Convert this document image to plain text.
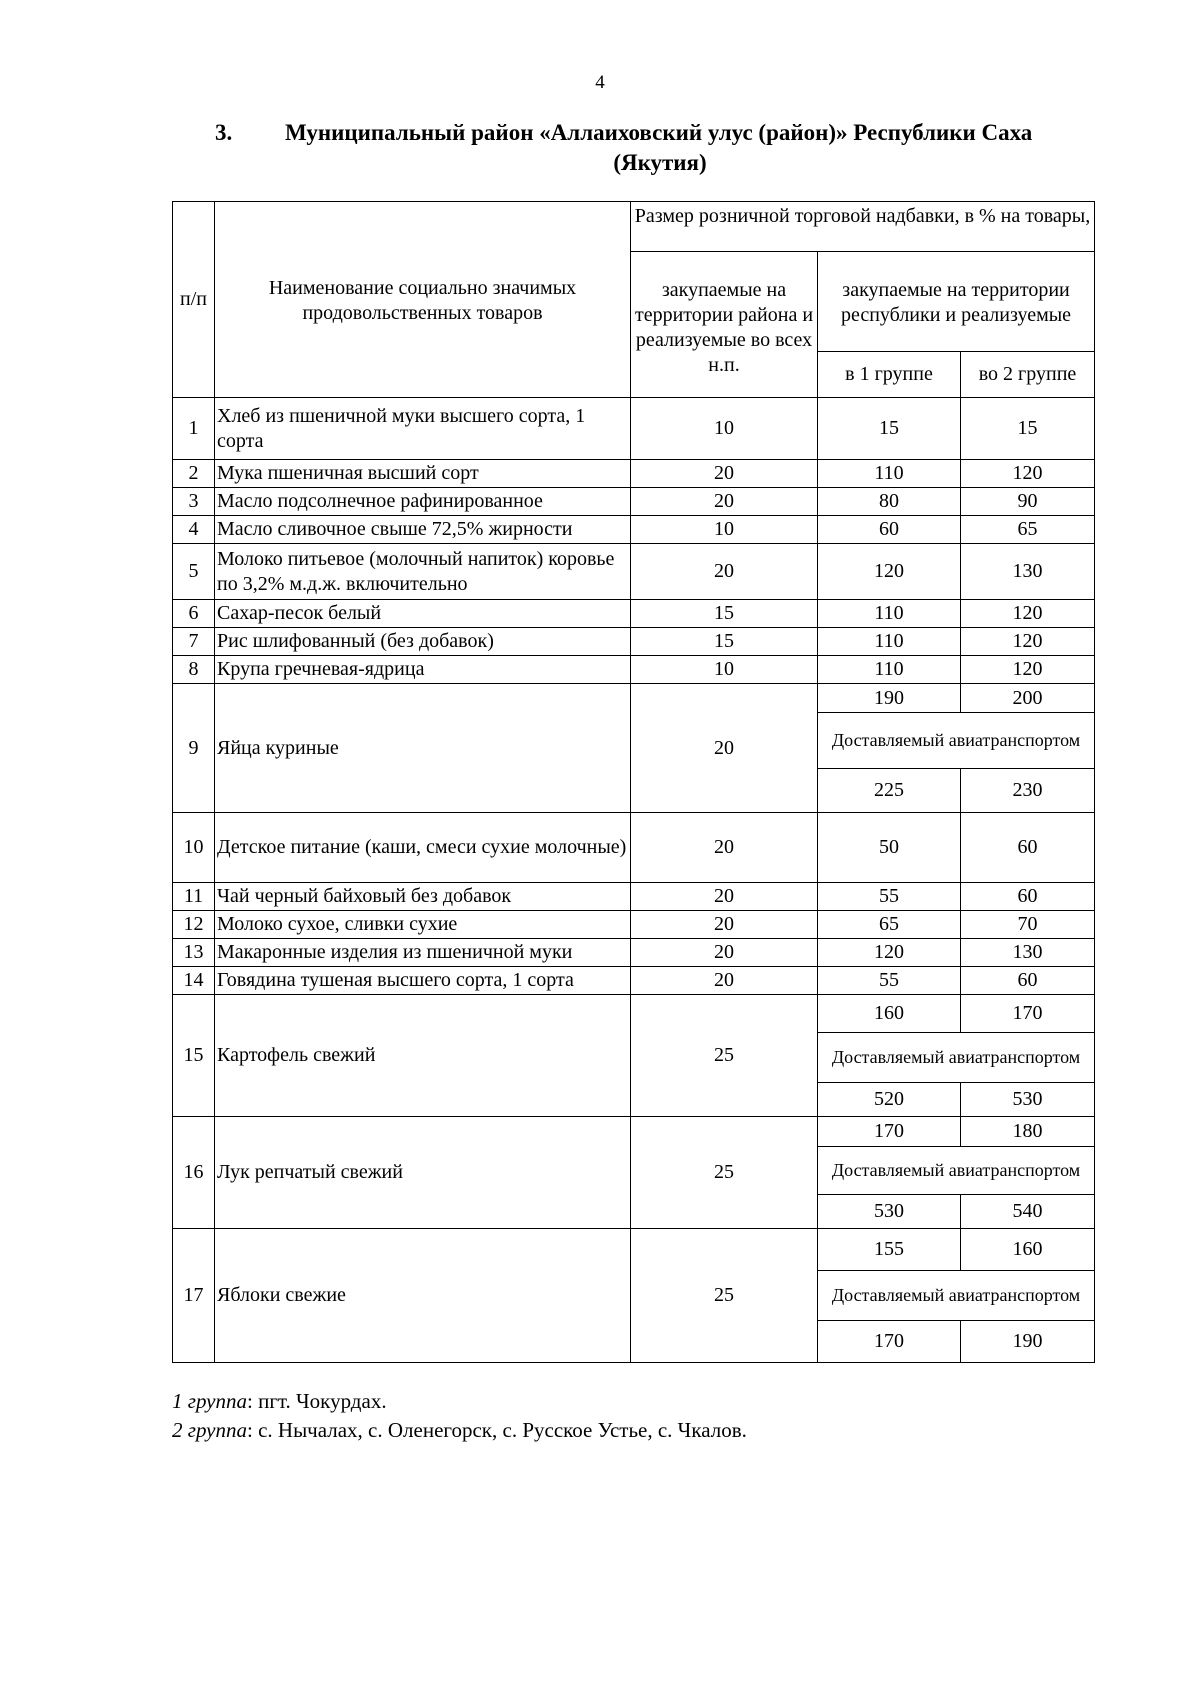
4
3. Муниципальный район «Аллаиховский улус (район)» Республики Саха
(Якутия)
п/п	Наименование социально значимых продовольственных товаров	Размер розничной торговой надбавки, в % на товары,		
		закупаемые на территории района и реализуемые во всех н.п.	закупаемые на территории республики и реализуемые	
			в 1 группе	во 2 группе
1	Хлеб из пшеничной муки высшего сорта, 1 сорта	10	15	15
2	Мука пшеничная высший сорт	20	110	120
3	Масло подсолнечное рафинированное	20	80	90
4	Масло сливочное свыше 72,5% жирности	10	60	65
5	Молоко питьевое (молочный напиток) коровье по 3,2% м.д.ж. включительно	20	120	130
6	Сахар-песок белый	15	110	120
7	Рис шлифованный (без добавок)	15	110	120
8	Крупа гречневая-ядрица	10	110	120
9	Яйца куриные	20	190	200
			Доставляемый авиатранспортом	
			225	230
10	Детское питание (каши, смеси сухие молочные)	20	50	60
11	Чай черный байховый без добавок	20	55	60
12	Молоко сухое, сливки сухие	20	65	70
13	Макаронные изделия из пшеничной муки	20	120	130
14	Говядина тушеная высшего сорта, 1 сорта	20	55	60
15	Картофель свежий	25	160	170
			Доставляемый авиатранспортом	
			520	530
16	Лук репчатый свежий	25	170	180
			Доставляемый авиатранспортом	
			530	540
17	Яблоки свежие	25	155	160
			Доставляемый авиатранспортом	
			170	190
1 группа: пгт. Чокурдах.
2 группа: с. Нычалах, с. Оленегорск, с. Русское Устье, с. Чкалов.
